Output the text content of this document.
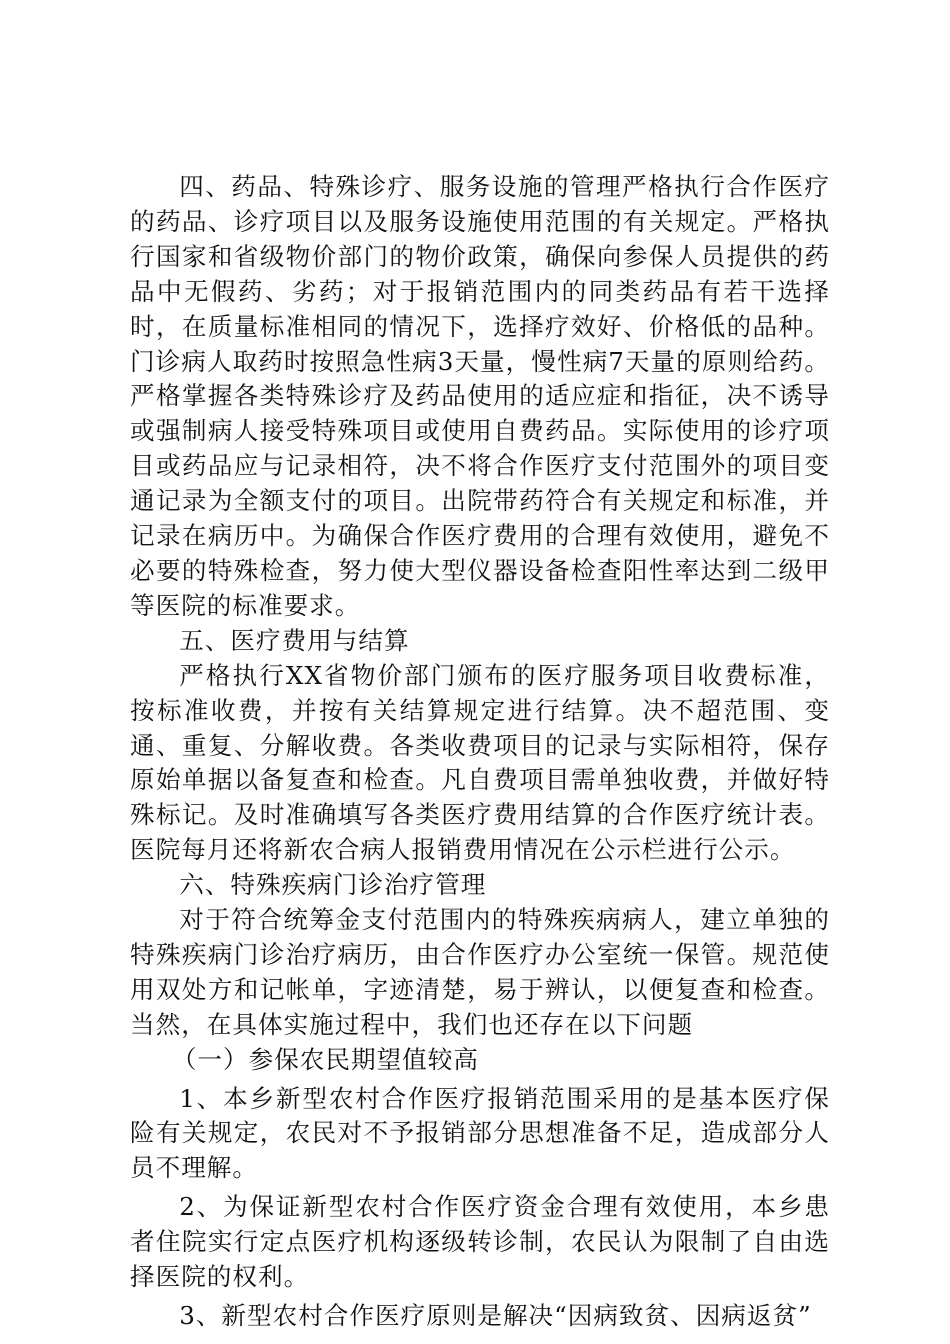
四、药品、特殊诊疗、服务设施的管理严格执行合作医疗的药品、诊疗项目以及服务设施使用范围的有关规定。严格执行国家和省级物价部门的物价政策，确保向参保人员提供的药品中无假药、劣药；对于报销范围内的同类药品有若干选择时，在质量标准相同的情况下，选择疗效好、价格低的品种。门诊病人取药时按照急性病3天量，慢性病7天量的原则给药。严格掌握各类特殊诊疗及药品使用的适应症和指征，决不诱导或强制病人接受特殊项目或使用自费药品。实际使用的诊疗项目或药品应与记录相符，决不将合作医疗支付范围外的项目变通记录为全额支付的项目。出院带药符合有关规定和标准，并记录在病历中。为确保合作医疗费用的合理有效使用，避免不必要的特殊检查，努力使大型仪器设备检查阳性率达到二级甲等医院的标准要求。

五、医疗费用与结算

严格执行XX省物价部门颁布的医疗服务项目收费标准，按标准收费，并按有关结算规定进行结算。决不超范围、变通、重复、分解收费。各类收费项目的记录与实际相符，保存原始单据以备复查和检查。凡自费项目需单独收费，并做好特殊标记。及时准确填写各类医疗费用结算的合作医疗统计表。医院每月还将新农合病人报销费用情况在公示栏进行公示。

六、特殊疾病门诊治疗管理

对于符合统筹金支付范围内的特殊疾病病人，建立单独的特殊疾病门诊治疗病历，由合作医疗办公室统一保管。规范使用双处方和记帐单，字迹清楚，易于辨认，以便复查和检查。当然，在具体实施过程中，我们也还存在以下问题

（一）参保农民期望值较高

1、本乡新型农村合作医疗报销范围采用的是基本医疗保险有关规定，农民对不予报销部分思想准备不足，造成部分人员不理解。

2、为保证新型农村合作医疗资金合理有效使用，本乡患者住院实行定点医疗机构逐级转诊制，农民认为限制了自由选择医院的权利。

3、新型农村合作医疗原则是解决“因病致贫、因病返贫”
